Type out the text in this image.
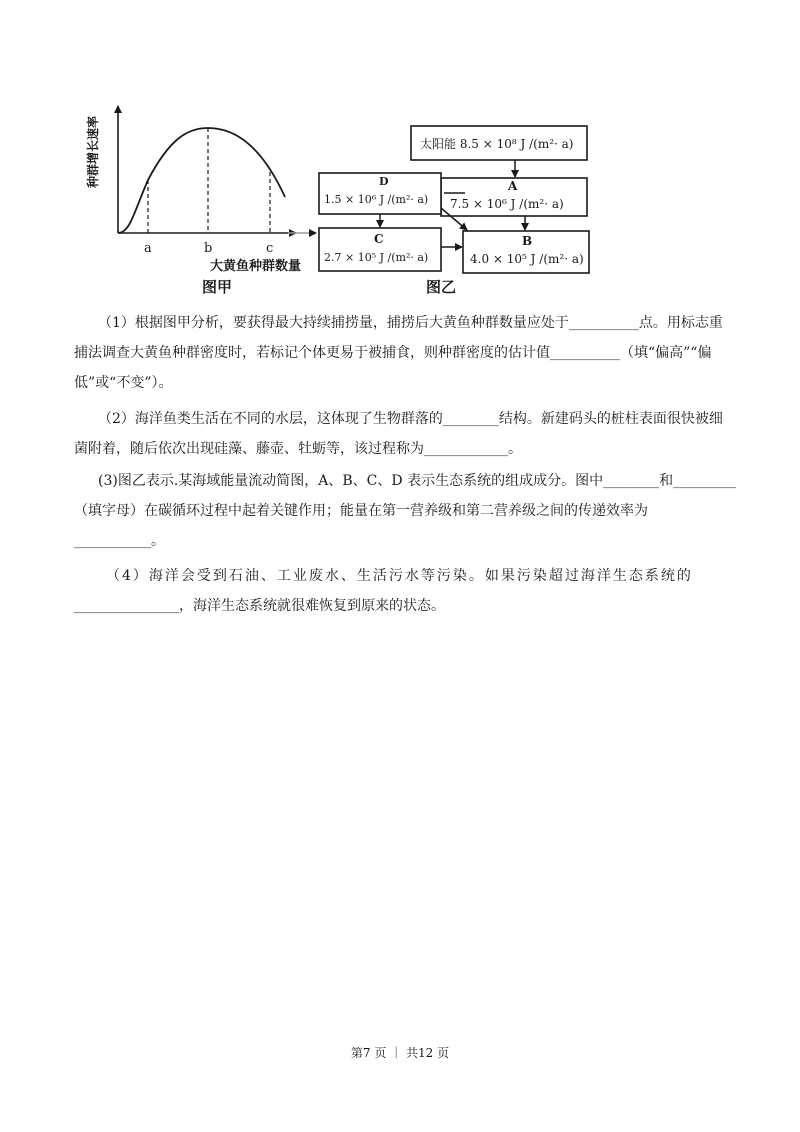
种群增长速率
a	b	c
大黄鱼种群数量
图甲
太阳能 8.5 × 10⁸ J /(m²· a)
A
7.5 × 10⁶ J /(m²· a)
D
1.5 × 10⁶ J /(m²· a)
C
2.7 × 10⁵ J /(m²· a)
B
4.0 × 10⁵ J /(m²· a)
图乙
（1）根据图甲分析，要获得最大持续捕捞量，捕捞后大黄鱼种群数量应处于__________点。用标志重
捕法调查大黄鱼种群密度时，若标记个体更易于被捕食，则种群密度的估计值__________（填“偏高”“偏
低”或“不变”）。
（2）海洋鱼类生活在不同的水层，这体现了生物群落的________结构。新建码头的桩柱表面很快被细
菌附着，随后依次出现硅藻、藤壶、牡蛎等，该过程称为____________。
(3)图乙表示.某海域能量流动简图，A、B、C、D 表示生态系统的组成成分。图中________和_________
（填字母）在碳循环过程中起着关键作用；能量在第一营养级和第二营养级之间的传递效率为
___________。
（4）海洋会受到石油、工业废水、生活污水等污染。如果污染超过海洋生态系统的
_______________，海洋生态系统就很难恢复到原来的状态。
第7 页 ｜ 共12 页
